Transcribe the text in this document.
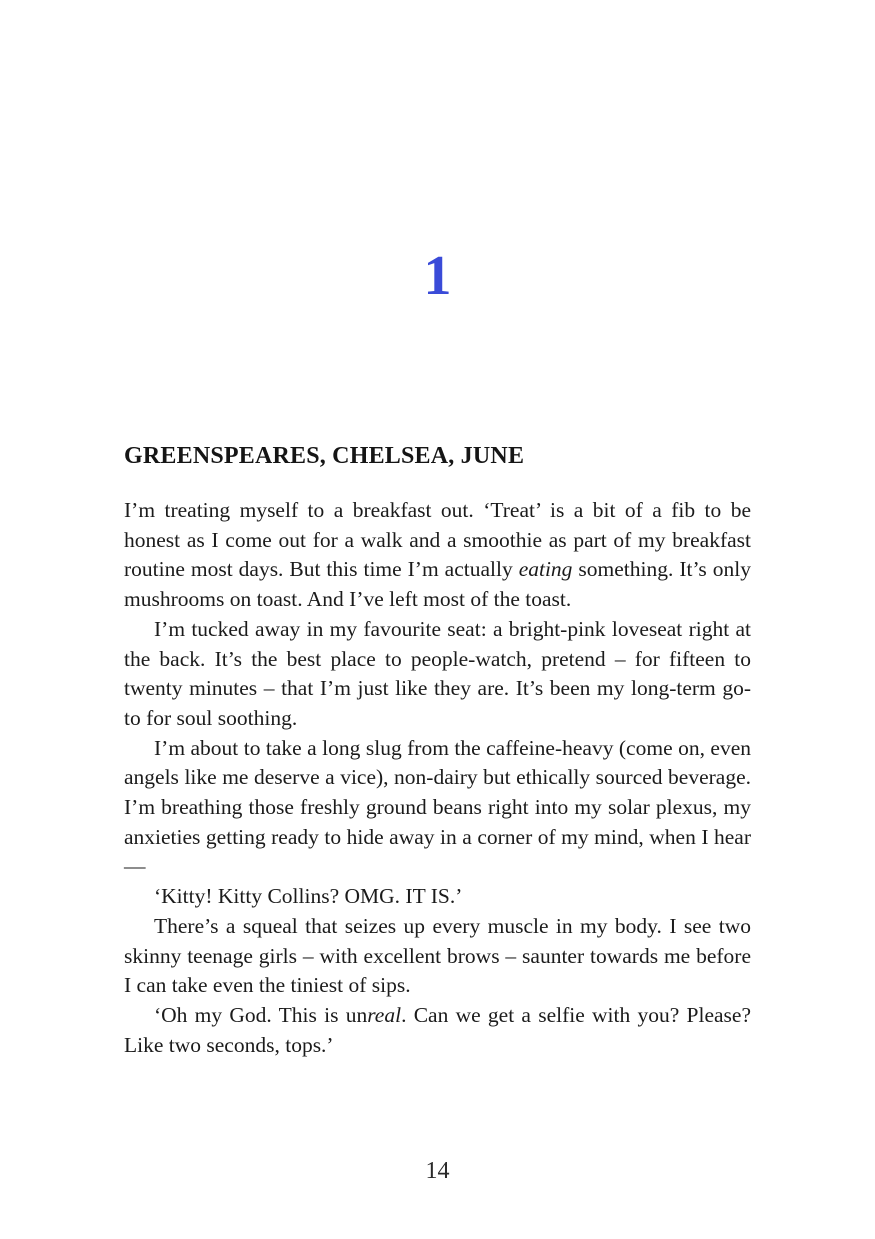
1
GREENSPEARES, CHELSEA, JUNE

I’m treating myself to a breakfast out. ‘Treat’ is a bit of a fib to be honest as I come out for a walk and a smoothie as part of my breakfast routine most days. But this time I’m actually eating something. It’s only mushrooms on toast. And I’ve left most of the toast.

I’m tucked away in my favourite seat: a bright-pink loveseat right at the back. It’s the best place to people-watch, pretend – for fifteen to twenty minutes – that I’m just like they are. It’s been my long-term go-to for soul soothing.

I’m about to take a long slug from the caffeine-heavy (come on, even angels like me deserve a vice), non-dairy but ethically sourced beverage. I’m breathing those freshly ground beans right into my solar plexus, my anxieties getting ready to hide away in a corner of my mind, when I hear—

‘Kitty! Kitty Collins? OMG. IT IS.’

There’s a squeal that seizes up every muscle in my body. I see two skinny teenage girls – with excellent brows – saunter towards me before I can take even the tiniest of sips.

‘Oh my God. This is unreal. Can we get a selfie with you? Please? Like two seconds, tops.’

14
